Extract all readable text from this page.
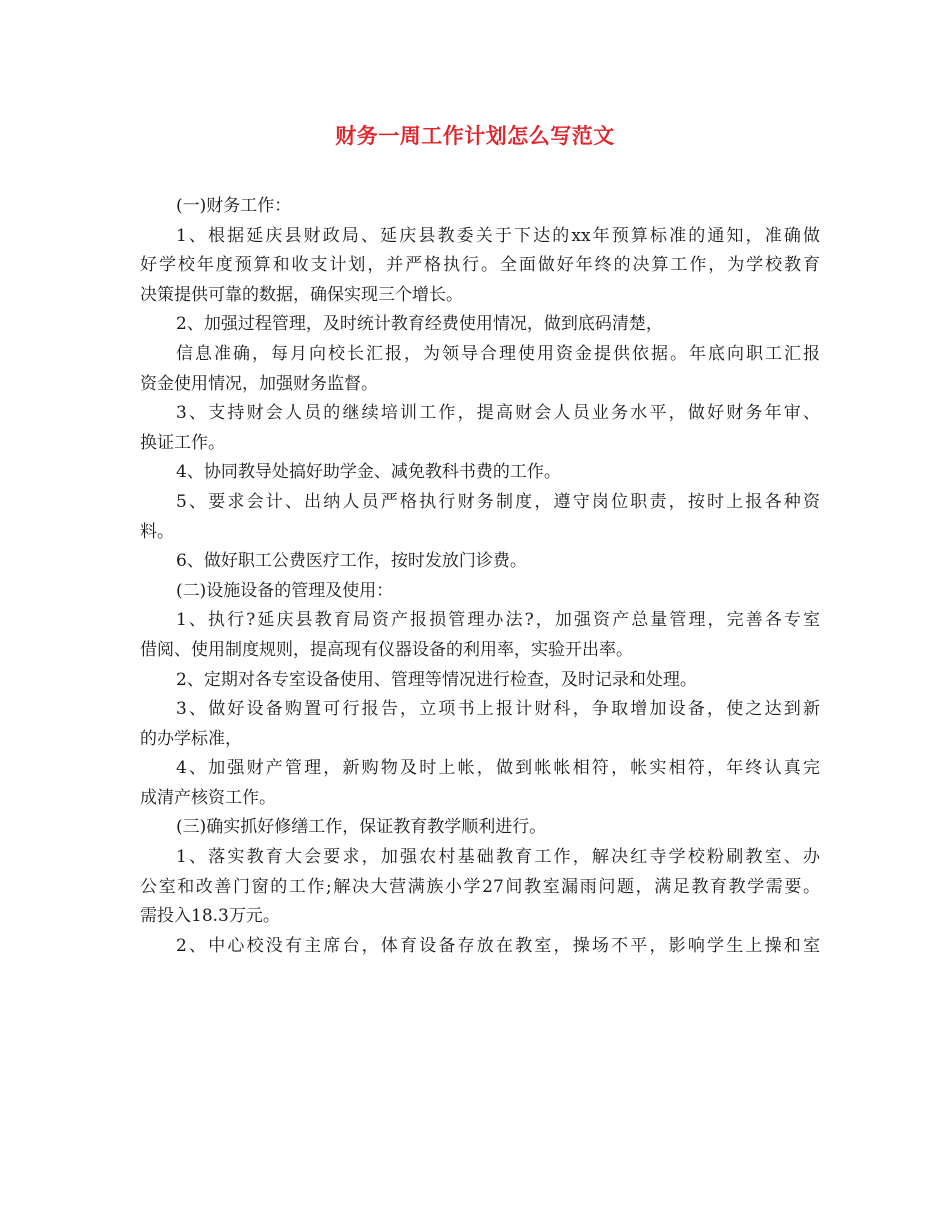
财务一周工作计划怎么写范文
(一)财务工作：
1、根据延庆县财政局、延庆县教委关于下达的xx年预算标准的通知，准确做
好学校年度预算和收支计划，并严格执行。全面做好年终的决算工作，为学校教育
决策提供可靠的数据，确保实现三个增长。
2、加强过程管理，及时统计教育经费使用情况，做到底码清楚，
信息准确，每月向校长汇报，为领导合理使用资金提供依据。年底向职工汇报
资金使用情况，加强财务监督。
3、支持财会人员的继续培训工作，提高财会人员业务水平，做好财务年审、
换证工作。
4、协同教导处搞好助学金、减免教科书费的工作。
5、要求会计、出纳人员严格执行财务制度，遵守岗位职责，按时上报各种资
料。
6、做好职工公费医疗工作，按时发放门诊费。
(二)设施设备的管理及使用：
1、执行?延庆县教育局资产报损管理办法?，加强资产总量管理，完善各专室
借阅、使用制度规则，提高现有仪器设备的利用率，实验开出率。
2、定期对各专室设备使用、管理等情况进行检查，及时记录和处理。
3、做好设备购置可行报告，立项书上报计财科，争取增加设备，使之达到新
的办学标准，
4、加强财产管理，新购物及时上帐，做到帐帐相符，帐实相符，年终认真完
成清产核资工作。
(三)确实抓好修缮工作，保证教育教学顺利进行。
1、落实教育大会要求，加强农村基础教育工作，解决红寺学校粉刷教室、办
公室和改善门窗的工作;解决大营满族小学27间教室漏雨问题，满足教育教学需要。
需投入18.3万元。
2、中心校没有主席台，体育设备存放在教室，操场不平，影响学生上操和室
